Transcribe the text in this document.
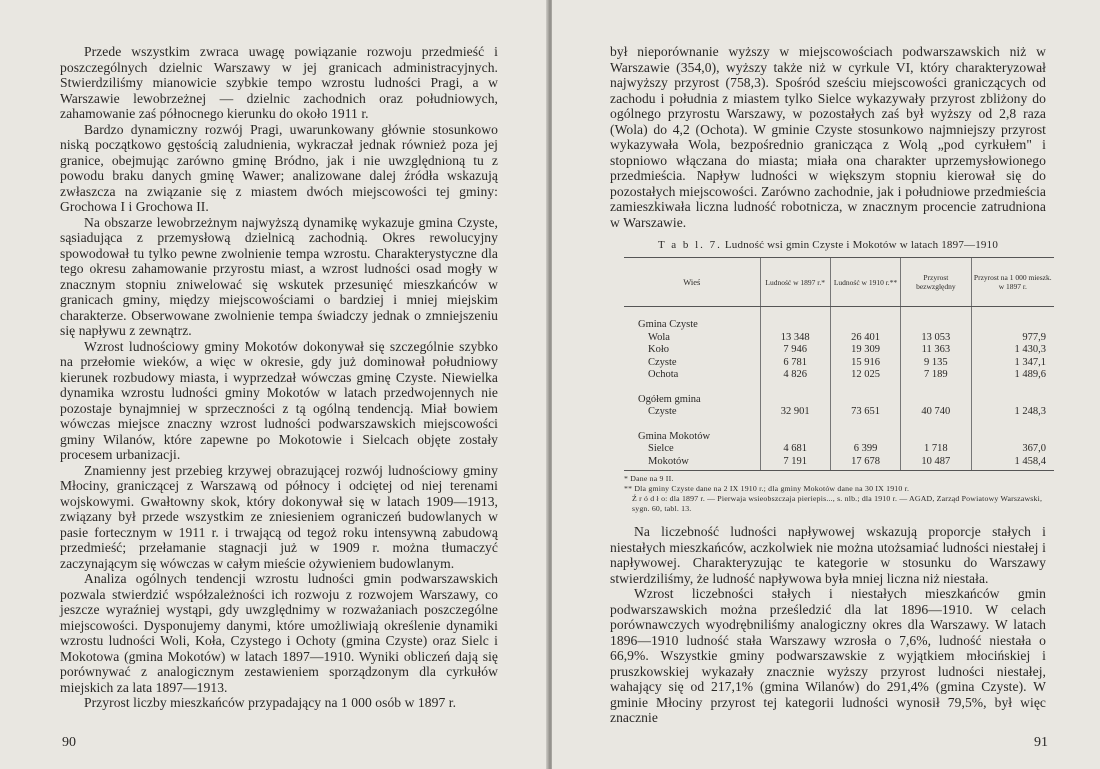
Przede wszystkim zwraca uwagę powiązanie rozwoju przedmieść i poszczególnych dzielnic Warszawy w jej granicach administracyjnych. Stwierdziliśmy mianowicie szybkie tempo wzrostu ludności Pragi, a w Warszawie lewobrzeżnej — dzielnic zachodnich oraz południowych, zahamowanie zaś północnego kierunku do około 1911 r.

Bardzo dynamiczny rozwój Pragi, uwarunkowany głównie stosunkowo niską początkowo gęstością zaludnienia, wykraczał jednak również poza jej granice, obejmując zarówno gminę Bródno, jak i nie uwzględnioną tu z powodu braku danych gminę Wawer; analizowane dalej źródła wskazują zwłaszcza na związanie się z miastem dwóch miejscowości tej gminy: Grochowa I i Grochowa II.

Na obszarze lewobrzeżnym najwyższą dynamikę wykazuje gmina Czyste, sąsiadująca z przemysłową dzielnicą zachodnią. Okres rewolucyjny spowodował tu tylko pewne zwolnienie tempa wzrostu. Charakterystyczne dla tego okresu zahamowanie przyrostu miast, a wzrost ludności osad mogły w znacznym stopniu zniwelować się wskutek przesunięć mieszkańców w granicach gminy, między miejscowościami o bardziej i mniej miejskim charakterze. Obserwowane zwolnienie tempa świadczy jednak o zmniejszeniu się napływu z zewnątrz.

Wzrost ludnościowy gminy Mokotów dokonywał się szczególnie szybko na przełomie wieków, a więc w okresie, gdy już dominował południowy kierunek rozbudowy miasta, i wyprzedzał wówczas gminę Czyste. Niewielka dynamika wzrostu ludności gminy Mokotów w latach przedwojennych nie pozostaje bynajmniej w sprzeczności z tą ogólną tendencją. Miał bowiem wówczas miejsce znaczny wzrost ludności podwarszawskich miejscowości gminy Wilanów, które zapewne po Mokotowie i Sielcach objęte zostały procesem urbanizacji.

Znamienny jest przebieg krzywej obrazującej rozwój ludnościowy gminy Młociny, graniczącej z Warszawą od północy i odciętej od niej terenami wojskowymi. Gwałtowny skok, który dokonywał się w latach 1909—1913, związany był przede wszystkim ze zniesieniem ograniczeń budowlanych w pasie fortecznym w 1911 r. i trwającą od tegoż roku intensywną zabudową przedmieść; przełamanie stagnacji już w 1909 r. można tłumaczyć zaczynającym się wówczas w całym mieście ożywieniem budowlanym.

Analiza ogólnych tendencji wzrostu ludności gmin podwarszawskich pozwala stwierdzić współzależności ich rozwoju z rozwojem Warszawy, co jeszcze wyraźniej wystąpi, gdy uwzględnimy w rozważaniach poszczególne miejscowości. Dysponujemy danymi, które umożliwiają określenie dynamiki wzrostu ludności Woli, Koła, Czystego i Ochoty (gmina Czyste) oraz Sielc i Mokotowa (gmina Mokotów) w latach 1897—1910. Wyniki obliczeń dają się porównywać z analogicznym zestawieniem sporządzonym dla cyrkułów miejskich za lata 1897—1913.

Przyrost liczby mieszkańców przypadający na 1 000 osób w 1897 r.

90

był nieporównanie wyższy w miejscowościach podwarszawskich niż w Warszawie (354,0), wyższy także niż w cyrkule VI, który charakteryzował najwyższy przyrost (758,3). Spośród sześciu miejscowości graniczących od zachodu i południa z miastem tylko Sielce wykazywały przyrost zbliżony do ogólnego przyrostu Warszawy, w pozostałych zaś był wyższy od 2,8 raza (Wola) do 4,2 (Ochota). W gminie Czyste stosunkowo najmniejszy przyrost wykazywała Wola, bezpośrednio granicząca z Wolą „pod cyrkułem" i stopniowo włączana do miasta; miała ona charakter uprzemysłowionego przedmieścia. Napływ ludności w większym stopniu kierował się do pozostałych miejscowości. Zarówno zachodnie, jak i południowe przedmieścia zamieszkiwała liczna ludność robotnicza, w znacznym procencie zatrudniona w Warszawie.

T a b l. 7. Ludność wsi gmin Czyste i Mokotów w latach 1897—1910
Wieś	Ludność w 1897 r.*	Ludność w 1910 r.**	Przyrost bezwzględny	Przyrost na 1 000 mieszk. w 1897 r.

Gmina Czyste				
Wola	13 348	26 401	13 053	977,9
Koło	7 946	19 309	11 363	1 430,3
Czyste	6 781	15 916	9 135	1 347,1
Ochota	4 826	12 025	7 189	1 489,6

Ogółem gmina				
Czyste	32 901	73 651	40 740	1 248,3

Gmina Mokotów				
Sielce	4 681	6 399	1 718	367,0
Mokotów	7 191	17 678	10 487	1 458,4
* Dane na 9 II.
** Dla gminy Czyste dane na 2 IX 1910 r.; dla gminy Mokotów dane na 30 IX 1910 r.
Ź r ó d ł o: dla 1897 r. — Pierwaja wsieobszczaja pieriepis..., s. nlb.; dla 1910 r. — AGAD, Zarząd Powiatowy Warszawski, sygn. 60, tabl. 13.

Na liczebność ludności napływowej wskazują proporcje stałych i niestałych mieszkańców, aczkolwiek nie można utożsamiać ludności niestałej i napływowej. Charakteryzując te kategorie w stosunku do Warszawy stwierdziliśmy, że ludność napływowa była mniej liczna niż niestała.

Wzrost liczebności stałych i niestałych mieszkańców gmin podwarszawskich można prześledzić dla lat 1896—1910. W celach porównawczych wyodrębniliśmy analogiczny okres dla Warszawy. W latach 1896—1910 ludność stała Warszawy wzrosła o 7,6%, ludność niestała o 66,9%. Wszystkie gminy podwarszawskie z wyjątkiem młocińskiej i pruszkowskiej wykazały znacznie wyższy przyrost ludności niestałej, wahający się od 217,1% (gmina Wilanów) do 291,4% (gmina Czyste). W gminie Młociny przyrost tej kategorii ludności wynosił 79,5%, był więc znacznie

91
